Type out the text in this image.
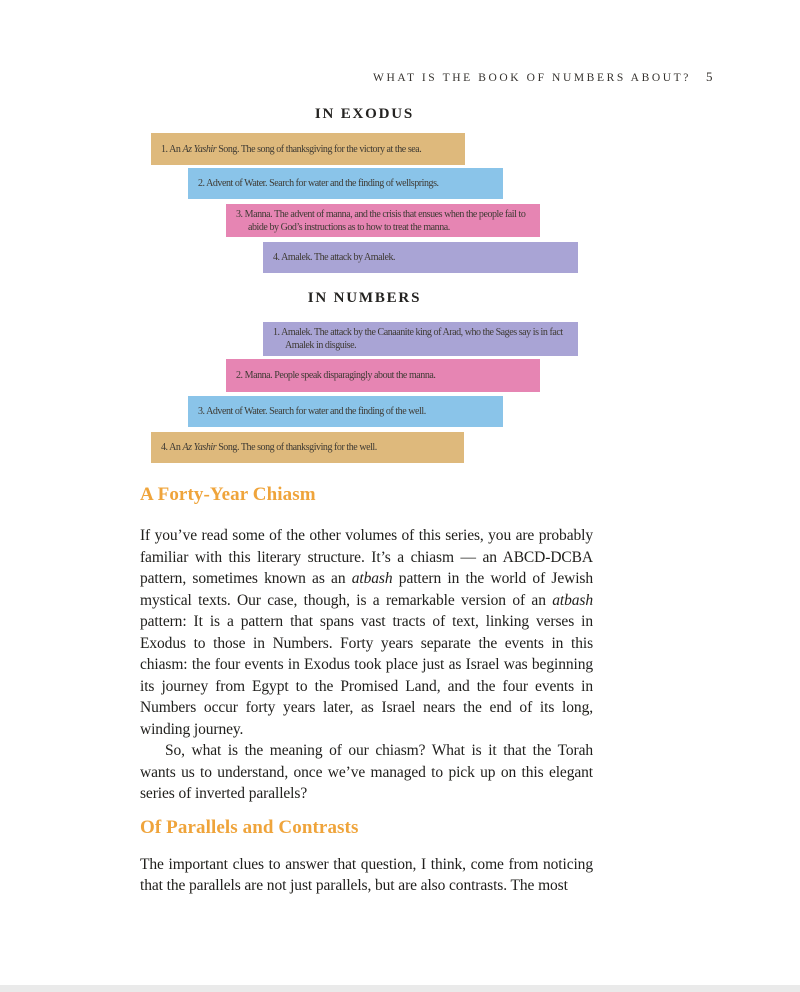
WHAT IS THE BOOK OF NUMBERS ABOUT? 5
IN EXODUS
1. An Az Yashir Song. The song of thanksgiving for the victory at the sea.
2. Advent of Water. Search for water and the finding of wellsprings.
3. Manna. The advent of manna, and the crisis that ensues when the people fail to abide by God’s instructions as to how to treat the manna.
4. Amalek. The attack by Amalek.
IN NUMBERS
1. Amalek. The attack by the Canaanite king of Arad, who the Sages say is in fact Amalek in disguise.
2. Manna. People speak disparagingly about the manna.
3. Advent of Water. Search for water and the finding of the well.
4. An Az Yashir Song. The song of thanksgiving for the well.
A Forty-Year Chiasm

If you’ve read some of the other volumes of this series, you are probably familiar with this literary structure. It’s a chiasm — an ABCD-DCBA pattern, sometimes known as an atbash pattern in the world of Jewish mystical texts. Our case, though, is a remarkable version of an atbash pattern: It is a pattern that spans vast tracts of text, linking verses in Exodus to those in Numbers. Forty years separate the events in this chiasm: the four events in Exodus took place just as Israel was beginning its journey from Egypt to the Promised Land, and the four events in Numbers occur forty years later, as Israel nears the end of its long, winding journey.

So, what is the meaning of our chiasm? What is it that the Torah wants us to understand, once we’ve managed to pick up on this elegant series of inverted parallels?

Of Parallels and Contrasts

The important clues to answer that question, I think, come from noticing that the parallels are not just parallels, but are also contrasts. The most
